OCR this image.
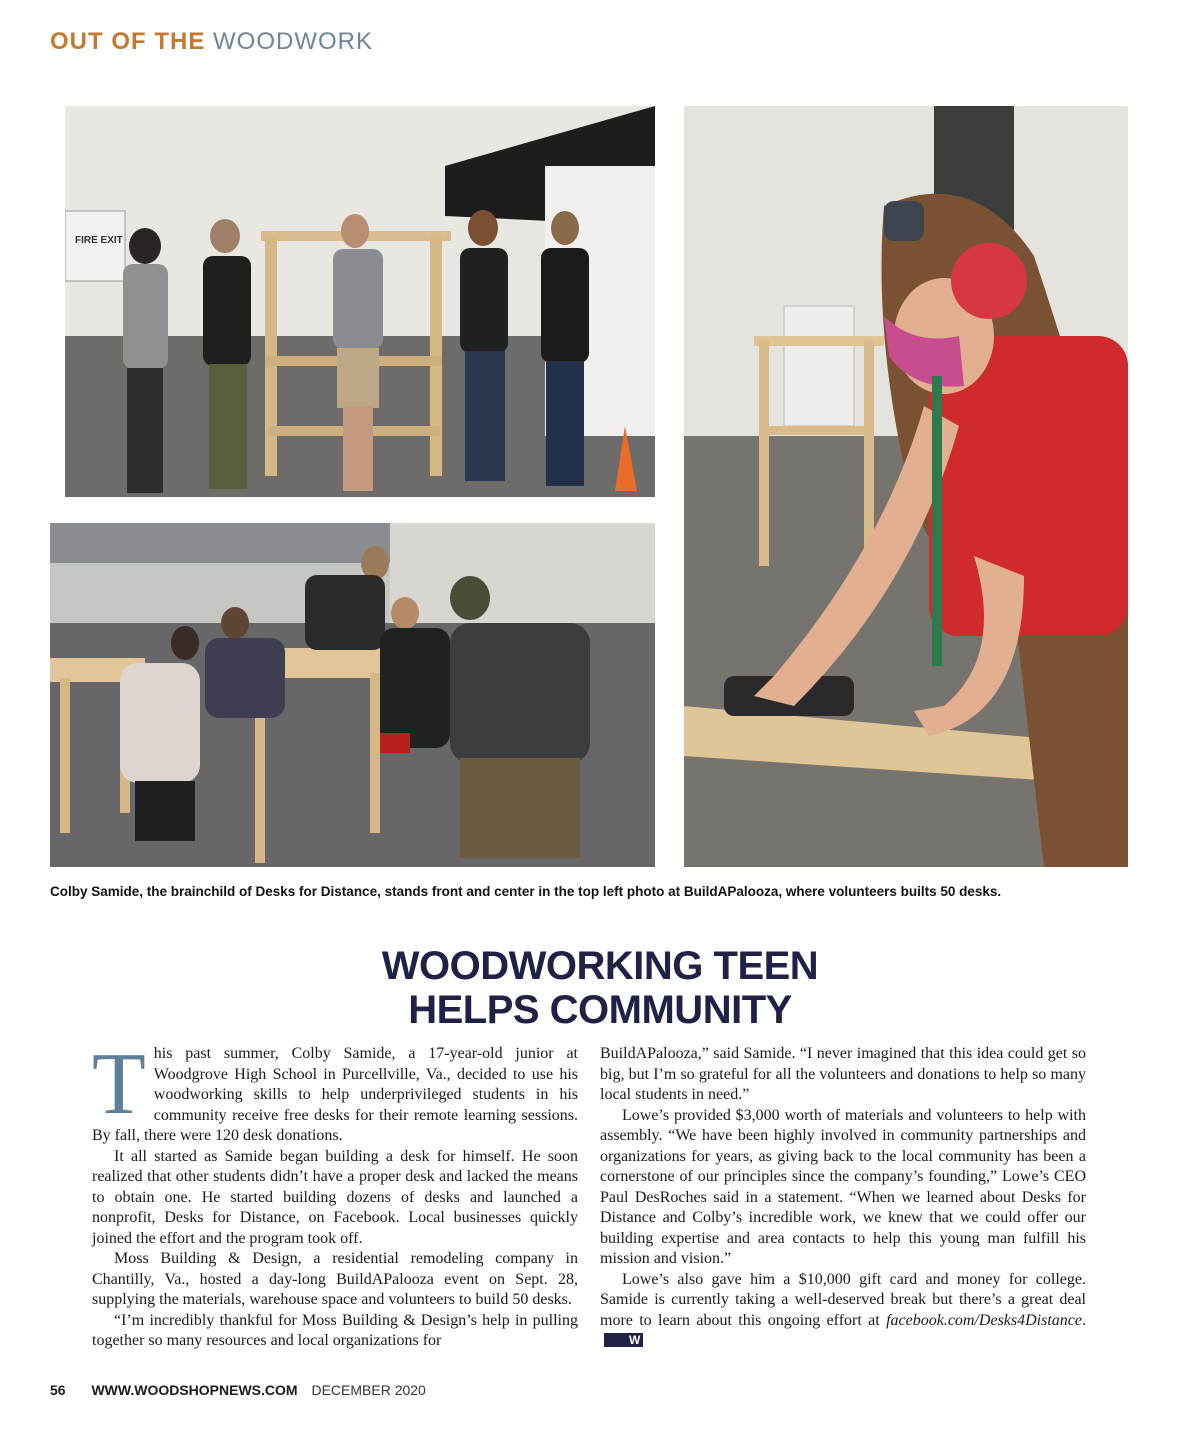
OUT OF THE WOODWORK
FIRE EXIT
Colby Samide, the brainchild of Desks for Distance, stands front and center in the top left photo at BuildAPalooza, where volunteers builts 50 desks.
WOODWORKING TEEN
HELPS COMMUNITY
T his past summer, Colby Samide, a 17-year-old junior at Woodgrove High School in Purcellville, Va., decided to use his woodworking skills to help underprivileged students in his community receive free desks for their remote learning sessions. By fall, there were 120 desk donations.

It all started as Samide began building a desk for himself. He soon realized that other students didn’t have a proper desk and lacked the means to obtain one. He started building dozens of desks and launched a nonprofit, Desks for Distance, on Facebook. Local businesses quickly joined the effort and the program took off.

Moss Building & Design, a residential remodeling company in Chantilly, Va., hosted a day-long BuildAPalooza event on Sept. 28, supplying the materials, warehouse space and volunteers to build 50 desks.

“I’m incredibly thankful for Moss Building & Design’s help in pulling together so many resources and local organizations for

BuildAPalooza,” said Samide. “I never imagined that this idea could get so big, but I’m so grateful for all the volunteers and donations to help so many local students in need.”

Lowe’s provided $3,000 worth of materials and volunteers to help with assembly. “We have been highly involved in community partnerships and organizations for years, as giving back to the local community has been a cornerstone of our principles since the company’s founding,” Lowe’s CEO Paul DesRoches said in a statement. “When we learned about Desks for Distance and Colby’s incredible work, we knew that we could offer our building expertise and area contacts to help this young man fulfill his mission and vision.”

Lowe’s also gave him a $10,000 gift card and money for college. Samide is currently taking a well-deserved break but there’s a great deal more to learn about this ongoing effort at facebook.com/Desks4Distance.W

56 WWW.WOODSHOPNEWS.COM DECEMBER 2020
